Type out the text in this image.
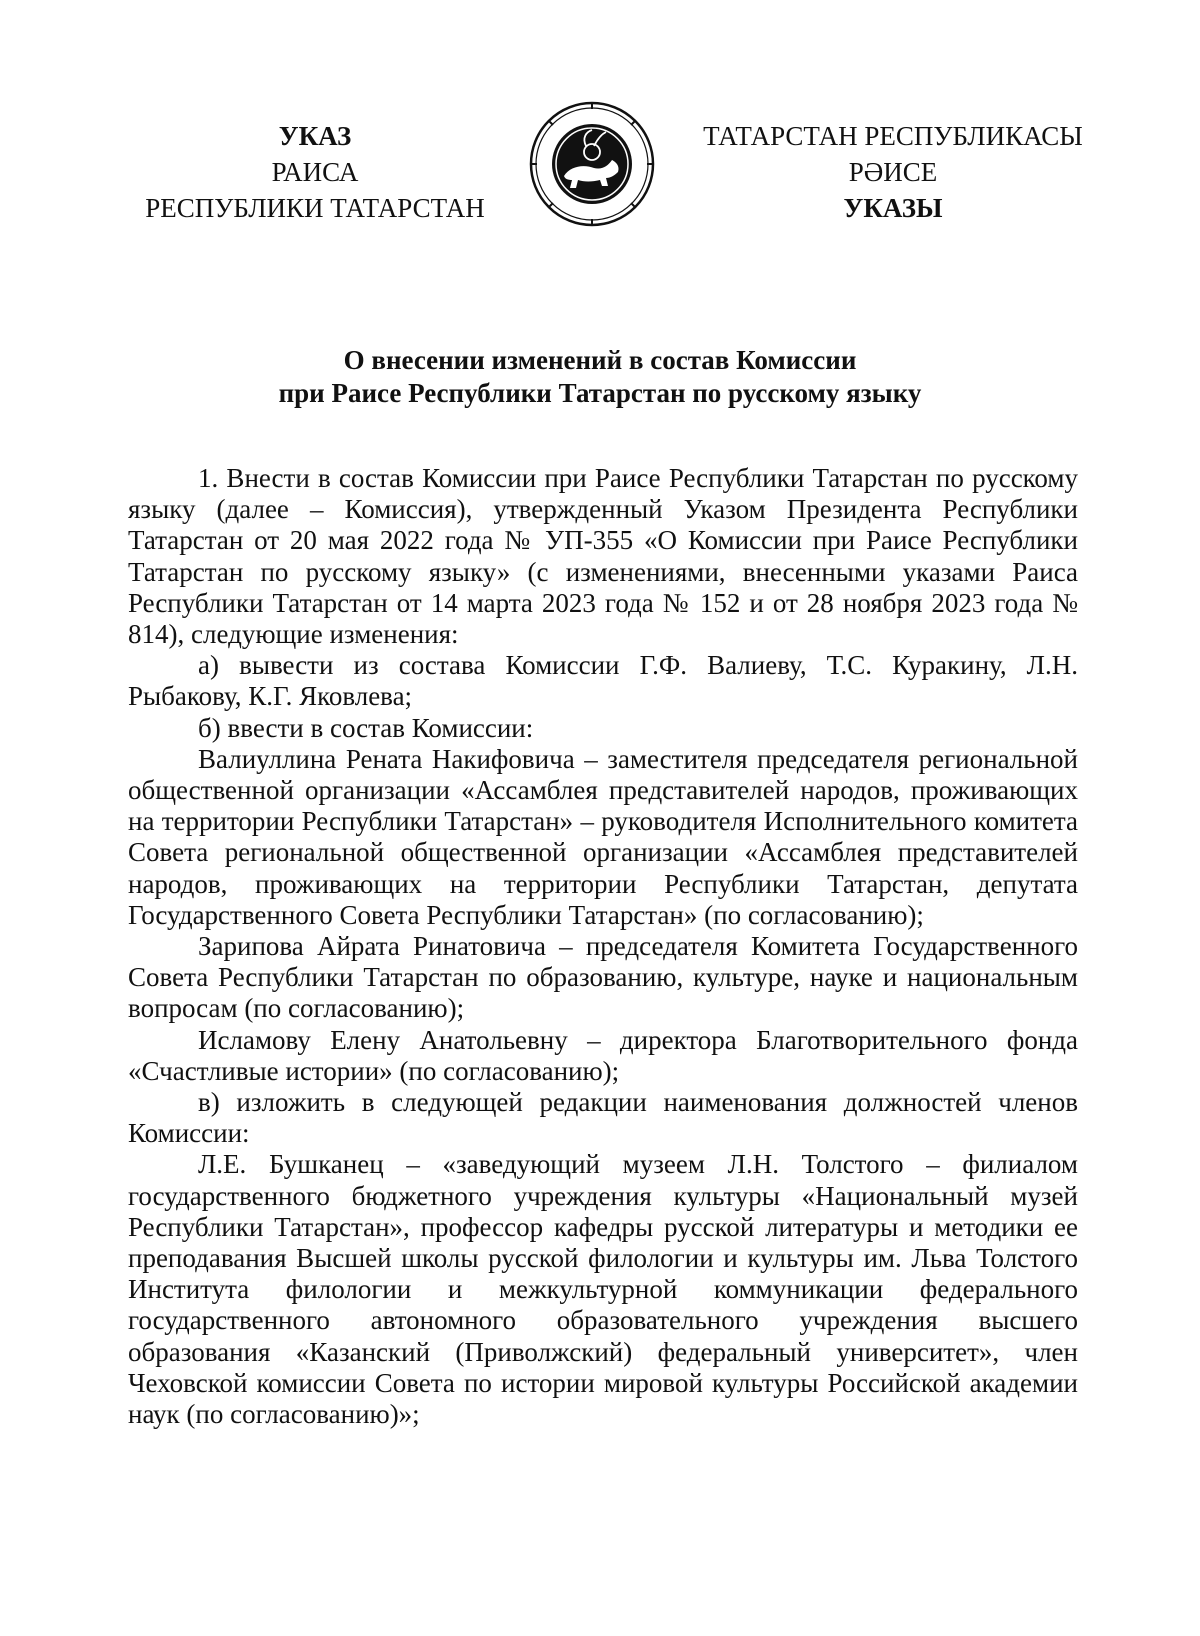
УКАЗ
РАИСА
РЕСПУБЛИКИ ТАТАРСТАН
ТАТАРСТАН РЕСПУБЛИКАСЫ
РӘИСЕ
УКАЗЫ
О внесении изменений в состав Комиссии
при Раисе Республики Татарстан по русскому языку

1. Внести в состав Комиссии при Раисе Республики Татарстан по русскому языку (далее – Комиссия), утвержденный Указом Президента Республики Татарстан от 20 мая 2022 года № УП-355 «О Комиссии при Раисе Республики Татарстан по русскому языку» (с изменениями, внесенными указами Раиса Республики Татарстан от 14 марта 2023 года № 152 и от 28 ноября 2023 года № 814), следующие изменения:

а) вывести из состава Комиссии Г.Ф. Валиеву, Т.С. Куракину, Л.Н. Рыбакову, К.Г. Яковлева;

б) ввести в состав Комиссии:

Валиуллина Рената Накифовича – заместителя председателя региональной общественной организации «Ассамблея представителей народов, проживающих на территории Республики Татарстан» – руководителя Исполнительного комитета Совета региональной общественной организации «Ассамблея представителей народов, проживающих на территории Республики Татарстан, депутата Государственного Совета Республики Татарстан» (по согласованию);

Зарипова Айрата Ринатовича – председателя Комитета Государственного Совета Республики Татарстан по образованию, культуре, науке и национальным вопросам (по согласованию);

Исламову Елену Анатольевну – директора Благотворительного фонда «Счастливые истории» (по согласованию);

в) изложить в следующей редакции наименования должностей членов Комиссии:

Л.Е. Бушканец – «заведующий музеем Л.Н. Толстого – филиалом государственного бюджетного учреждения культуры «Национальный музей Республики Татарстан», профессор кафедры русской литературы и методики ее преподавания Высшей школы русской филологии и культуры им. Льва Толстого Института филологии и межкультурной коммуникации федерального государственного автономного образовательного учреждения высшего образования «Казанский (Приволжский) федеральный университет», член Чеховской комиссии Совета по истории мировой культуры Российской академии наук (по согласованию)»;
